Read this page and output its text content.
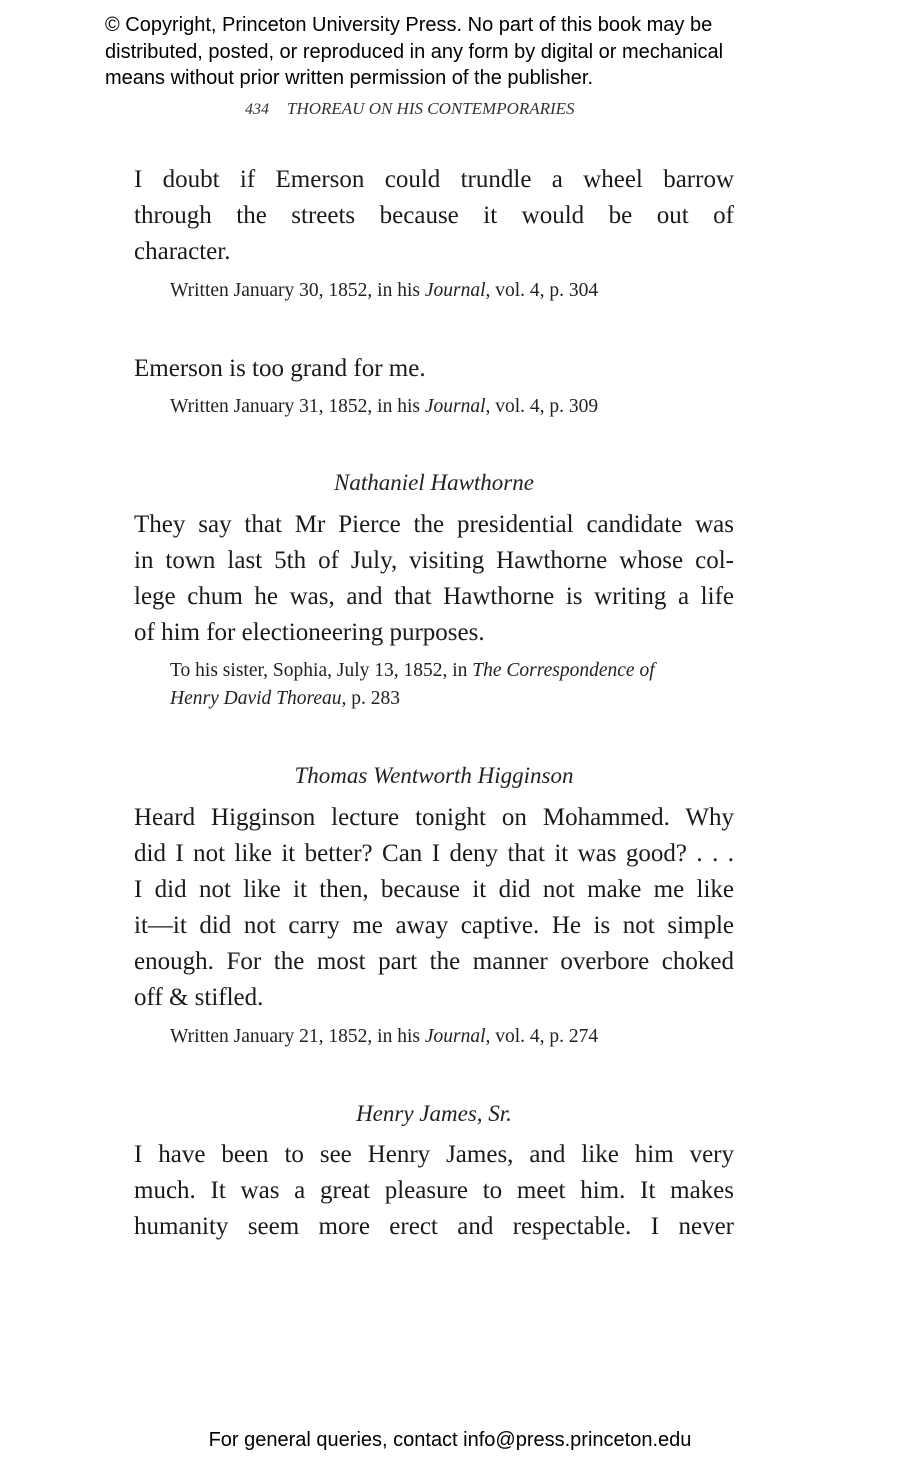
© Copyright, Princeton University Press. No part of this book may be
distributed, posted, or reproduced in any form by digital or mechanical
means without prior written permission of the publisher.
434 THOREAU ON HIS CONTEMPORARIES

I doubt if Emerson could trundle a wheel barrow
through the streets because it would be out of
character.

Written January 30, 1852, in his Journal, vol. 4, p. 304

Emerson is too grand for me.

Written January 31, 1852, in his Journal, vol. 4, p. 309
Nathaniel Hawthorne

They say that Mr Pierce the presidential candidate was
in town last 5th of July, visiting Hawthorne whose col-
lege chum he was, and that Hawthorne is writing a life
of him for electioneering purposes.

To his sister, Sophia, July 13, 1852, in The Correspondence of
Henry David Thoreau, p. 283
Thomas Wentworth Higginson

Heard Higginson lecture tonight on Mohammed. Why
did I not like it better? Can I deny that it was good? . . .
I did not like it then, because it did not make me like
it—it did not carry me away captive. He is not simple
enough. For the most part the manner overbore choked
off & stifled.

Written January 21, 1852, in his Journal, vol. 4, p. 274
Henry James, Sr.

I have been to see Henry James, and like him very
much. It was a great pleasure to meet him. It makes
humanity seem more erect and respectable. I never

For general queries, contact info@press.princeton.edu
